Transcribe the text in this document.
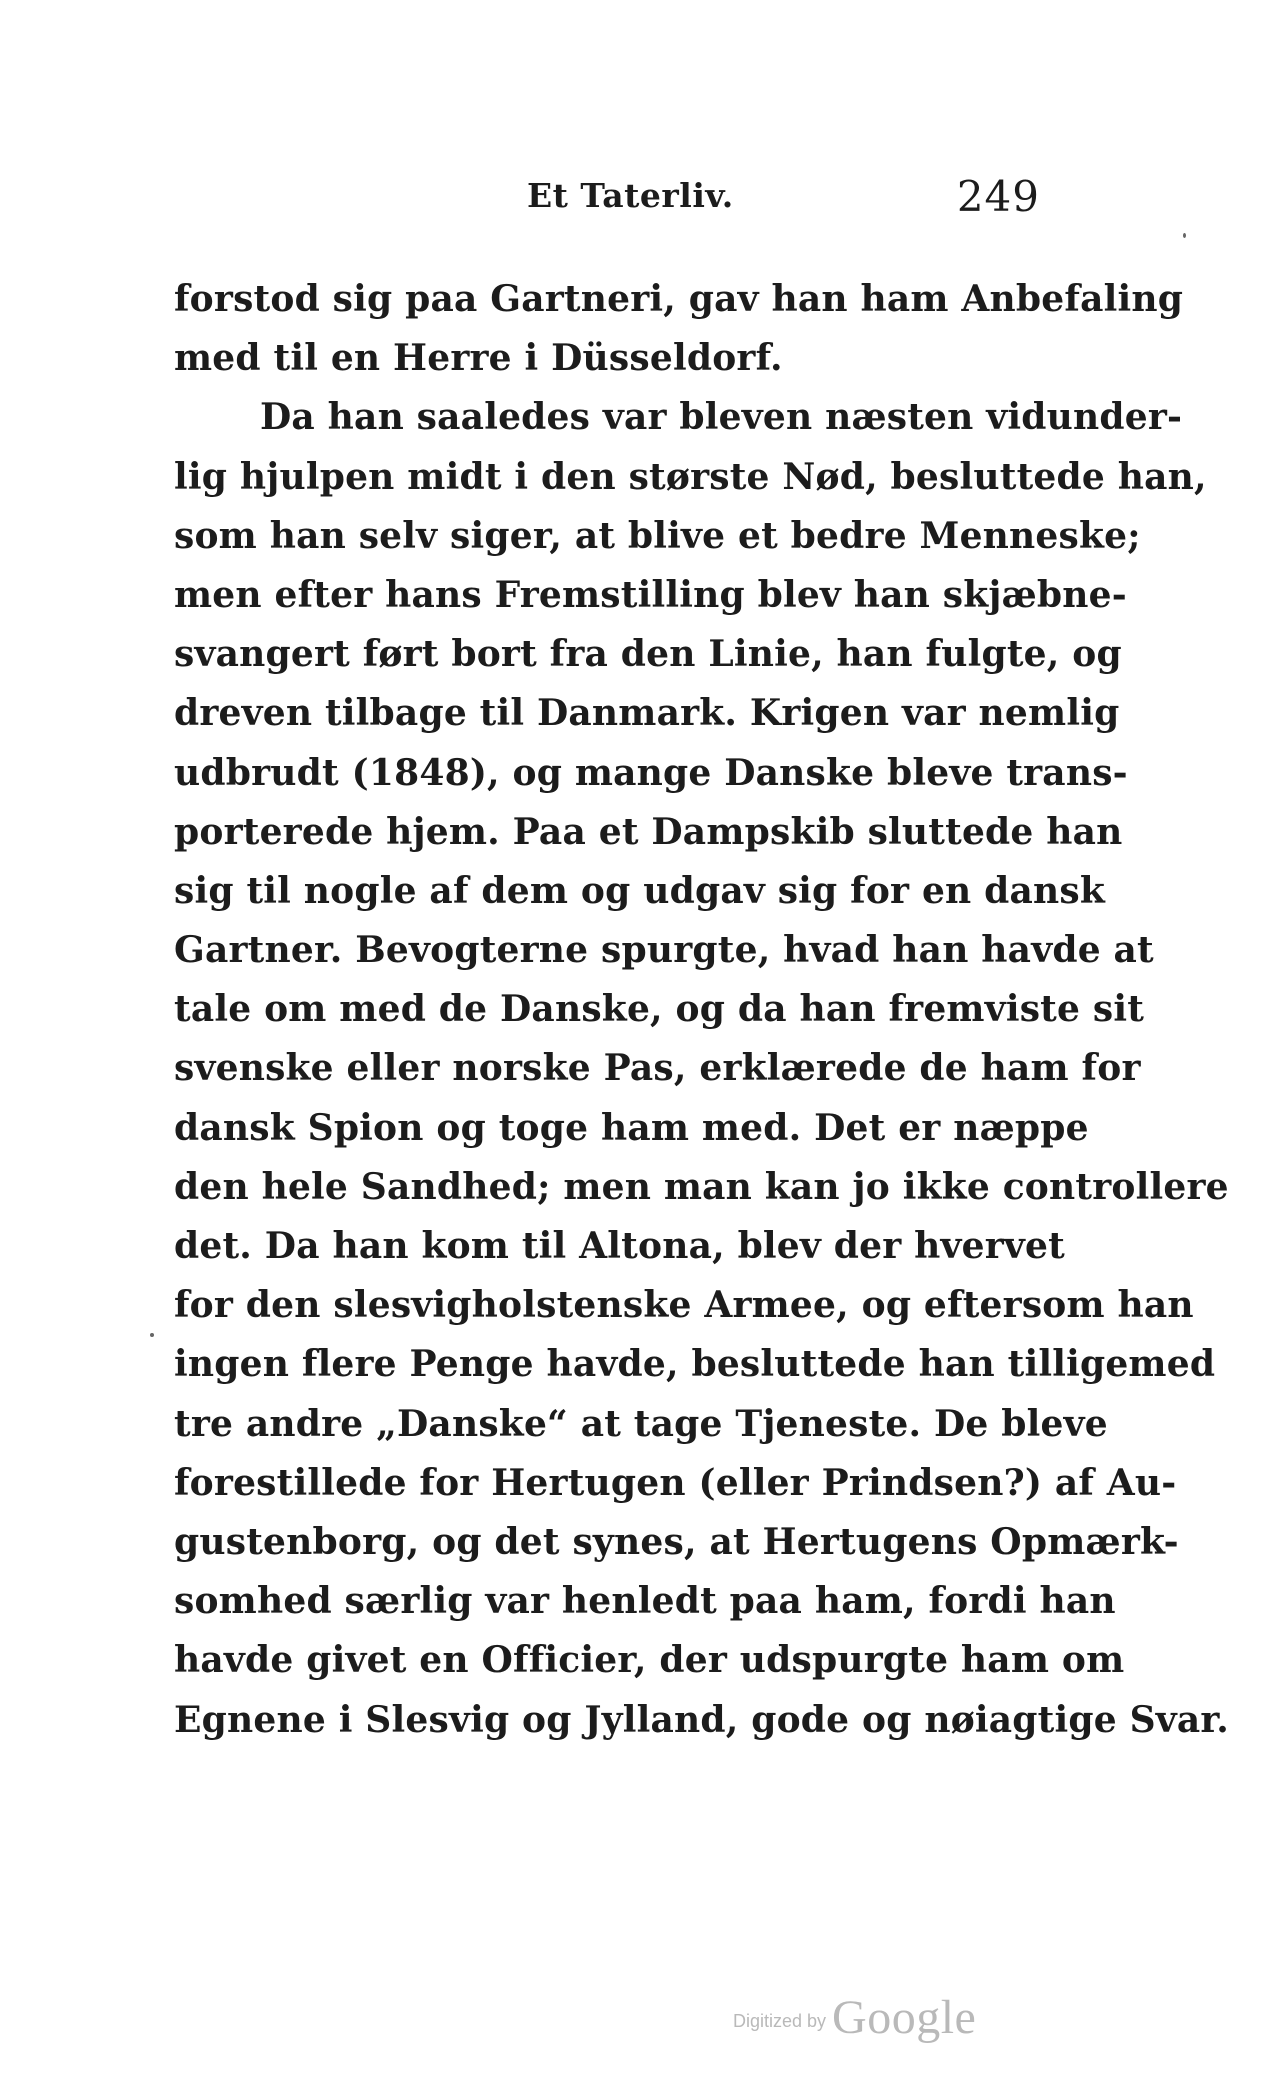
Et Taterliv.	249
forstod sig paa Gartneri, gav han ham Anbefaling
med til en Herre i Düsseldorf.
Da han saaledes var bleven næsten vidunder-
lig hjulpen midt i den største Nød, besluttede han,
som han selv siger, at blive et bedre Menneske;
men efter hans Fremstilling blev han skjæbne-
svangert ført bort fra den Linie, han fulgte, og
dreven tilbage til Danmark. Krigen var nemlig
udbrudt (1848), og mange Danske bleve trans-
porterede hjem. Paa et Dampskib sluttede han
sig til nogle af dem og udgav sig for en dansk
Gartner. Bevogterne spurgte, hvad han havde at
tale om med de Danske, og da han fremviste sit
svenske eller norske Pas, erklærede de ham for
dansk Spion og toge ham med. Det er næppe
den hele Sandhed; men man kan jo ikke controllere
det. Da han kom til Altona, blev der hvervet
for den slesvigholstenske Armee, og eftersom han
ingen flere Penge havde, besluttede han tilligemed
tre andre „Danske“ at tage Tjeneste. De bleve
forestillede for Hertugen (eller Prindsen?) af Au-
gustenborg, og det synes, at Hertugens Opmærk-
somhed særlig var henledt paa ham, fordi han
havde givet en Officier, der udspurgte ham om
Egnene i Slesvig og Jylland, gode og nøiagtige Svar.
Digitized by Google
